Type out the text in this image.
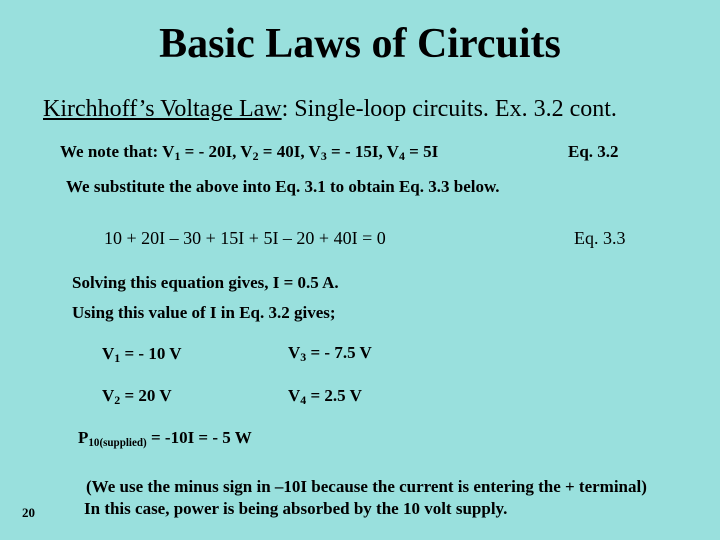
Basic Laws of Circuits
Kirchhoff’s Voltage Law: Single-loop circuits. Ex. 3.2 cont.
We note that: $V_1$ = - 20I, $V_2 = 40I$, $V_3$ = - 15I, $V_4 = 5I$	Eq. 3.2
We substitute the above into Eq. 3.1 to obtain Eq. 3.3 below.
10 + 20I – 30 + 15I + 5I – 20 + 40I = 0	Eq. 3.3
Solving this equation gives, I = 0.5 A.
Using this value of I in Eq. 3.2 gives;
$V_1$ = - 10 V	$V_3$ = - 7.5 V
$V_2 = 20$ V	$V_4 = 2.5$ V
$P_{10(supplied)} = -10I$ = - 5 W
(We use the minus sign in –10I because the current is entering the + terminal)
In this case, power is being absorbed by the 10 volt supply.
20
